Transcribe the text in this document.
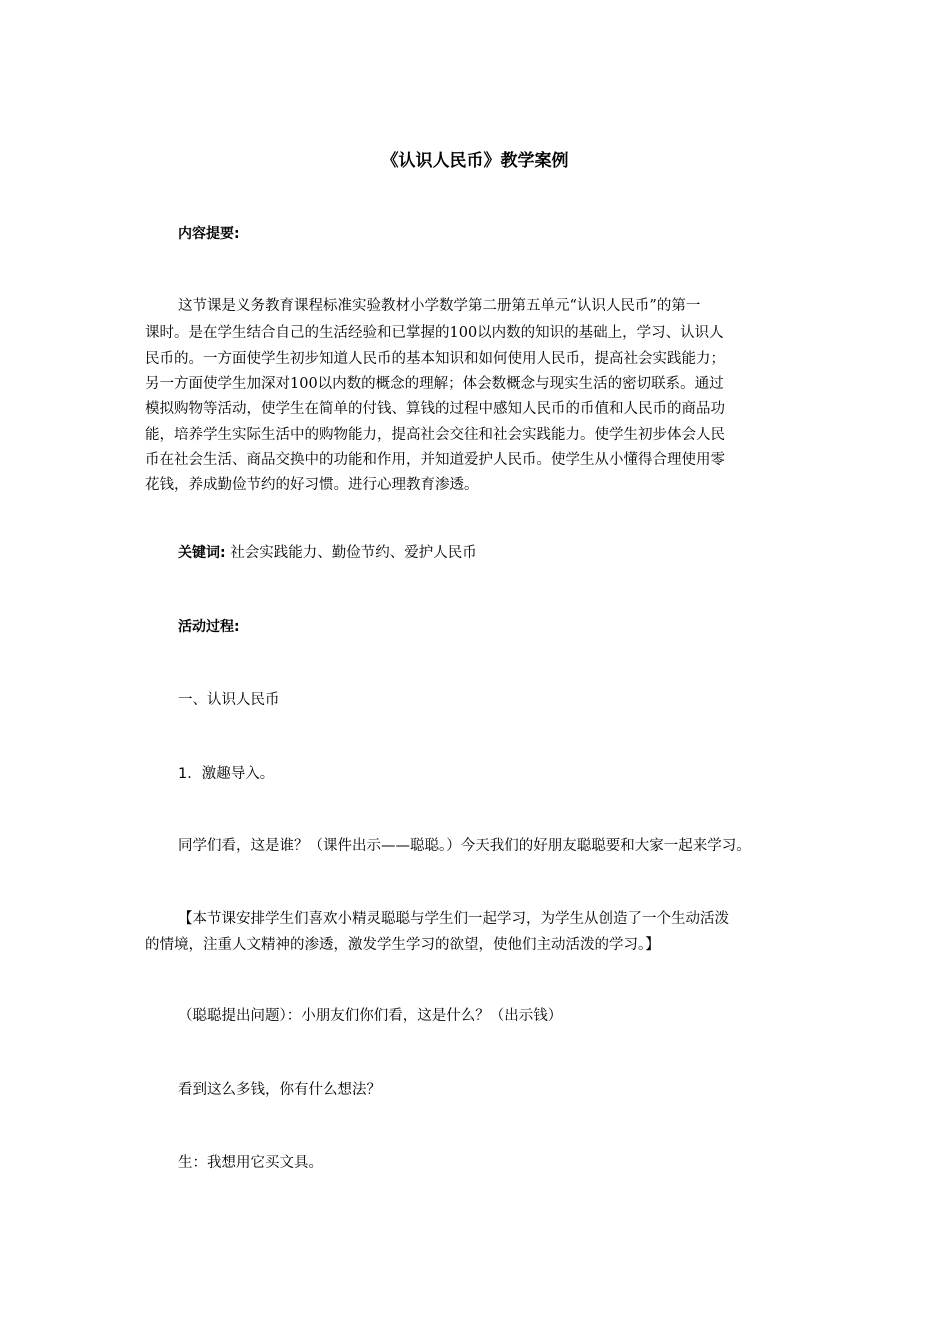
《认识人民币》教学案例
内容提要:
这节课是义务教育课程标准实验教材小学数学第二册第五单元“认识人民币”的第一
课时。是在学生结合自己的生活经验和已掌握的100以内数的知识的基础上，学习、认识人
民币的。一方面使学生初步知道人民币的基本知识和如何使用人民币，提高社会实践能力；
另一方面使学生加深对100以内数的概念的理解；体会数概念与现实生活的密切联系。通过
模拟购物等活动，使学生在简单的付钱、算钱的过程中感知人民币的币值和人民币的商品功
能，培养学生实际生活中的购物能力，提高社会交往和社会实践能力。使学生初步体会人民
币在社会生活、商品交换中的功能和作用，并知道爱护人民币。使学生从小懂得合理使用零
花钱，养成勤俭节约的好习惯。进行心理教育渗透。
关键词: 社会实践能力、勤俭节约、爱护人民币
活动过程:
一、认识人民币
1．激趣导入。
同学们看，这是谁？（课件出示——聪聪。）今天我们的好朋友聪聪要和大家一起来学习。
【本节课安排学生们喜欢小精灵聪聪与学生们一起学习，为学生从创造了一个生动活泼
的情境，注重人文精神的渗透，激发学生学习的欲望，使他们主动活泼的学习。】
（聪聪提出问题）：小朋友们你们看，这是什么？（出示钱）
看到这么多钱，你有什么想法？
生：我想用它买文具。
